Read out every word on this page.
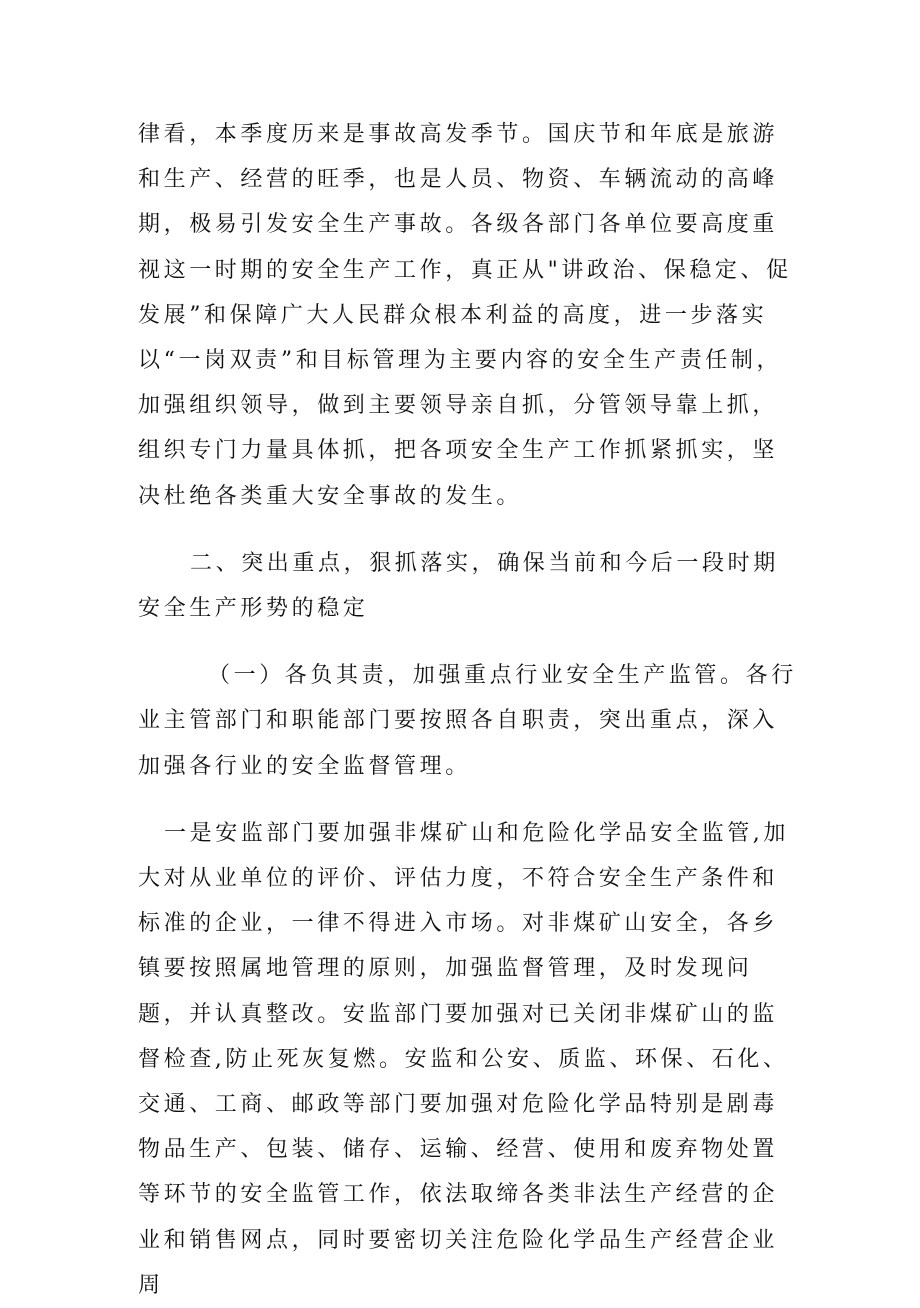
律看，本季度历来是事故高发季节。国庆节和年底是旅游和生产、经营的旺季，也是人员、物资、车辆流动的高峰期，极易引发安全生产事故。各级各部门各单位要高度重视这一时期的安全生产工作，真正从"讲政治、保稳定、促发展”和保障广大人民群众根本利益的高度，进一步落实以“一岗双责”和目标管理为主要内容的安全生产责任制，加强组织领导，做到主要领导亲自抓，分管领导靠上抓，组织专门力量具体抓，把各项安全生产工作抓紧抓实，坚决杜绝各类重大安全事故的发生。

二、突出重点，狠抓落实，确保当前和今后一段时期安全生产形势的稳定

（一）各负其责，加强重点行业安全生产监管。各行业主管部门和职能部门要按照各自职责，突出重点，深入加强各行业的安全监督管理。

一是安监部门要加强非煤矿山和危险化学品安全监管,加大对从业单位的评价、评估力度，不符合安全生产条件和标准的企业，一律不得进入市场。对非煤矿山安全，各乡镇要按照属地管理的原则，加强监督管理，及时发现问题，并认真整改。安监部门要加强对已关闭非煤矿山的监督检查,防止死灰复燃。安监和公安、质监、环保、石化、交通、工商、邮政等部门要加强对危险化学品特别是剧毒物品生产、包装、储存、运输、经营、使用和废弃物处置等环节的安全监管工作，依法取缔各类非法生产经营的企业和销售网点，同时要密切关注危险化学品生产经营企业周
